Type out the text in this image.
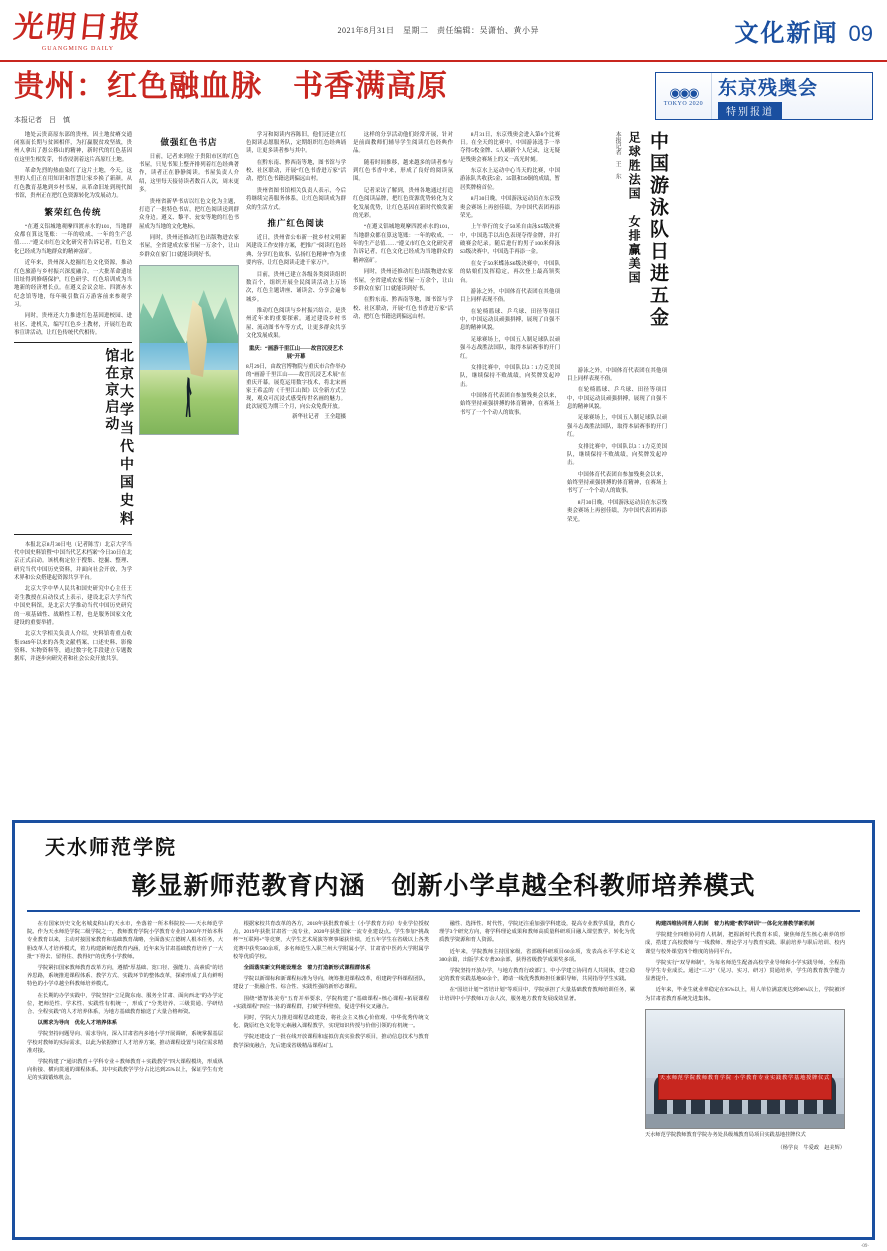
光明日报
GUANGMING DAILY
2021年8月31日　星期二　责任编辑：吴潇怡、黄小异	文化新闻 09
贵州：红色融血脉　书香满高原
本报记者　吕　慎
◉◉◉
TOKYO 2020
东京残奥会
特别报道

地处云贵高原东部的贵州，因土地贫瘠交通闭塞而长期与贫困相伴，为打赢脱贫攻坚战，贵州人拿出了愚公移山的精神，新时代的红色基因在这里生根发芽，书香浸润着这片高原红土地。

革命先烈的热血染红了这片土地，今天，这里的人们正在用知识和智慧让家乡换了新颜。从红色教育基地到乡村书屋，从革命旧址到现代图书馆，贵州正在把红色资源转化为发展动力。

繁荣红色传统

“在遵义铝城地观摩四渡赤水的101，当地群众都在算这笔账：一年的收成、一年的生产总值……”遵义市红色文化研究者告诉记者，红色文化已经成为当地群众的精神富矿。

近年来，贵州深入挖掘红色文化资源，推动红色旅游与乡村振兴深度融合，一大批革命遗址旧址得到修缮保护，红色研学、红色培训成为当地新的经济增长点。在遵义会议会址、四渡赤水纪念馆等地，每年吸引数百万游客前来参观学习。

同时，贵州还大力推进红色基因进校园、进社区、进机关，编写红色乡土教材，开展红色故事宣讲活动，让红色传统代代相传。

北京大学当代中国史料馆在京启动

本报北京8月30日电（记者陈雪）北京大学当代中国史料馆暨“中国当代艺术档案”今日30日在北京正式启动。该机构定位于搜集、挖掘、整理、研究当代中国历史资料，并面向社会开放，为学术界和公众搭建起资源共享平台。

北京大学中华人民共和国史研究中心主任王奇生教授在启动仪式上表示，建设北京大学当代中国史料馆，是北京大学推动当代中国历史研究的一项基础性、战略性工程，也是服务国家文化建设的重要举措。

北京大学相关负责人介绍，史料馆将重点收集1949年以来的各类文献档案、口述史料、影像资料、实物资料等，通过数字化手段建立专题数据库，并逐步向研究者和社会公众开放共享。

做强红色书店

日前，记者来到位于贵阳市区的红色书屋，只见书架上整齐排列着红色经典著作，读者正在静静阅读。书屋负责人介绍，这里每天接待读者数百人次，周末更多。

贵州省新华书店以红色文化为主题，打造了一批特色书店，把红色阅读送到群众身边。遵义、黎平、瓮安等地的红色书屋成为当地的文化地标。

同时，贵州还推动红色出版物进农家书屋，全省建成农家书屋一万余个，让山乡群众在家门口就能读到好书。

学习和阅读内容陈旧，他们还建立红色阅读志愿服务队，定期组织红色经典诵读，让更多读者参与其中。

在黔东南、黔西南等地，图书馆与学校、社区联动，开展“红色书香进万家”活动，把红色书籍送到偏远山村。

贵州省图书馆相关负责人表示，今后将继续完善服务体系，让红色阅读成为群众的生活方式。

推广红色阅读

近日，贵州省公布新一批乡村文明新风建设工作安排方案，把推广“阅读红色经典、分享红色故事、弘扬红色精神”作为重要内容，让红色阅读走进千家万户。

目前，贵州已建立各级各类阅读组织数百个，组织开展全民阅读活动上万场次，红色主题讲座、诵读会、分享会遍布城乡。

推动红色阅读与乡村振兴结合，是贵州近年来的重要探索。通过建设乡村书屋、流动图书车等方式，让更多群众共享文化发展成果。

重庆：“画游千里江山——故宫沉浸艺术展”开幕
8月29日，由故宫博物院与重庆市合作举办的“画游千里江山——故宫沉浸艺术展”在重庆开幕。展览运用数字技术，将北宋画家王希孟的《千里江山图》以全新方式呈现，观众可沉浸式感受传世名画的魅力。此次展览为期三个月，向公众免费开放。
新华社记者　王全超摄

这样的分享活动他们经常开展，针对是前面教师们辅导学生阅读红色经典作品。

随着时间推移，越来越多的读者参与到红色书香中来，形成了良好的阅读氛围。

记者采访了解到，贵州各地通过打造红色阅读品牌，把红色资源优势转化为文化发展优势，让红色基因在新时代焕发新的光彩。

“在遵义铝城地观摩四渡赤水的101，当地群众都在算这笔账：一年的收成、一年的生产总值……”遵义市红色文化研究者告诉记者，红色文化已经成为当地群众的精神富矿。

同时，贵州还推动红色出版物进农家书屋，全省建成农家书屋一万余个，让山乡群众在家门口就能读到好书。

在黔东南、黔西南等地，图书馆与学校、社区联动，开展“红色书香进万家”活动，把红色书籍送到偏远山村。

8月31日，东京残奥会进入第6个比赛日。在全天的比赛中，中国游泳选手一举夺得5枚金牌、5人刷新个人纪录，这无疑是残奥会赛场上的又一高光时刻。

东京水上运动中心当天的比赛，中国游泳队共收获5金、35银和39铜的成绩，暂居奖牌榜首位。

8月30日晚，中国游泳运动员在东京残奥会赛场上再创佳绩，为中国代表团再添荣光。

上午举行的女子50米自由泳S5级决赛中，中国选手以出色表现夺得金牌，并打破赛会纪录。随后进行的男子100米仰泳S3级决赛中，中国选手再添一金。

在女子50米蝶泳S6级决赛中，中国队的姑娘们发挥稳定，再次登上最高领奖台。

游泳之外，中国体育代表团在其他项目上同样表现不俗。

在轮椅篮球、乒乓球、田径等项目中，中国运动员顽强拼搏，展现了自强不息的精神风貌。

足球赛场上，中国五人制足球队以顽强斗志战胜法国队，取得本届赛事的开门红。

女排比赛中，中国队以3∶1力克美国队，继续保持不败战绩，向奖牌发起冲击。

中国体育代表团自参加残奥会以来，始终坚持顽强拼搏的体育精神，在赛场上书写了一个个动人的故事。

本报记者　王　东 足球胜法国　女排赢美国 中国游泳队日进五金

游泳之外，中国体育代表团在其他项目上同样表现不俗。

在轮椅篮球、乒乓球、田径等项目中，中国运动员顽强拼搏，展现了自强不息的精神风貌。

足球赛场上，中国五人制足球队以顽强斗志战胜法国队，取得本届赛事的开门红。

女排比赛中，中国队以3∶1力克美国队，继续保持不败战绩，向奖牌发起冲击。

中国体育代表团自参加残奥会以来，始终坚持顽强拼搏的体育精神，在赛场上书写了一个个动人的故事。

8月30日晚，中国游泳运动员在东京残奥会赛场上再创佳绩，为中国代表团再添荣光。

天水师范学院
彰显新师范教育内涵　创新小学卓越全科教师培养模式

在有国家历史文化名城麦积山的天水市，坐落着一所本科院校——天水师范学院。作为天水师范学院二级学院之一，教师教育学院小学教育专业自2003年开始本科专业教育以来，主动对接国家教育和基础教育战略，全面落实立德树人根本任务，大胆改革人才培养模式，着力构建新师范教育内涵，近年来为甘肃基础教育培养了一大批“下得去、留得住、教得好”的优秀小学教师。

学院紧扣国家教师教育改革方向，遵循“厚基础、宽口径、强能力、高素质”的培养思路，系统推进课程体系、教学方式、实践环节的整体改革，探索形成了具有鲜明特色的小学卓越全科教师培养模式。

在长期的办学实践中，学院坚持“立足陇东南、服务全甘肃、面向西北”的办学定位，把师范性、学术性、实践性有机统一，形成了“分类培养、三级贯通、学研结合、全程实践”的人才培养体系，为地方基础教育输送了大量合格师资。

以需求为导向　优化人才培养体系

学院坚持问题导向、需求导向，深入甘肃省内多地小学开展调研，系统掌握基层学校对教师的实际需求，以此为依据修订人才培养方案，推动课程设置与岗位需求精准对接。

学院构建了“通识教育＋学科专业＋教师教育＋实践教学”四大课程模块，形成纵向衔接、横向贯通的课程体系。其中实践教学学分占比达到25%以上，保证学生有充足的实践锻炼机会。

根据家校共育改革的各方，2018年获批教育硕士（小学教育方向）专业学位授权点，2019年获批甘肃省一流专业，2020年获批国家一流专业建设点。学生参加“挑战杯”“互联网+”等竞赛，大学生艺术展演等赛事屡获佳绩，近五年学生在省级以上各类竞赛中获奖500余项，多名师范生入职兰州大学附属小学、甘肃省中医药大学附属学校等优质学校。

全面落实新文科建设理念　着力打造新形式课程群体系

学院以新课标和新课程标准为导向，统筹推进课程改革，组建跨学科课程团队，建设了一批融合性、综合性、实践性强的新形态课程。

围绕“德智体美劳”五育并举要求，学院构建了“基础课程+核心课程+拓展课程+实践课程”四位一体的课程群，打破学科壁垒，促进学科交叉融合。

同时，学院大力推进课程思政建设，将社会主义核心价值观、中华优秀传统文化、陇原红色文化等元素融入课程教学，实现知识传授与价值引领的有机统一。

学院还建设了一批在线开放课程和虚拟仿真实验教学项目，推动信息技术与教育教学深度融合，先后建成省级精品课程4门。

融性、选择性、时代性，学院还注重加强学科建设，提高专业教学质量，教育心理学3个研究方向，将学科理论成果和教师高质量科研项目融入课堂教学，转化为优质教学资源和育人资源。

近年来，学院教师主持国家级、省部级科研项目60余项，发表高水平学术论文300余篇，出版学术专著20余部，获得省级教学成果奖多项。

学院坚持开放办学，与地方教育行政部门、中小学建立协同育人共同体，建立稳定的教育实践基地60余个，聘请一线优秀教师担任兼职导师，共同指导学生实践。

在“国培计划”“省培计划”等项目中，学院承担了大量基础教育教师培训任务，累计培训中小学教师1万余人次，服务地方教育发展成效显著。

构建四维协同育人机制　着力构建“教学研训”一体化完善教学新机制

学院健全四维协同育人机制，把握新时代教育本质，聚焦师范生核心素养的形成，搭建了高校教师与一线教师、理论学习与教育实践、职前培养与职后培训、校内课堂与校外课堂四个维度的协同平台。

学院实行“双导师制”，为每名师范生配备高校学业导师和小学实践导师，全程指导学生专业成长。通过“三习”（见习、实习、研习）贯通培养，学生的教育教学能力显著提升。

近年来，毕业生就业率稳定在95%以上，用人单位满意度达到96%以上，学院被评为甘肃省教育系统先进集体。

天水师范学院教师教育学院 小学教育专业实践教学基地授牌仪式
天水师范学院教师教育学院办务处县级城教育局项目实践基地挂牌仪式
（杨学良　牛爱政　赵美辉）
·09·
